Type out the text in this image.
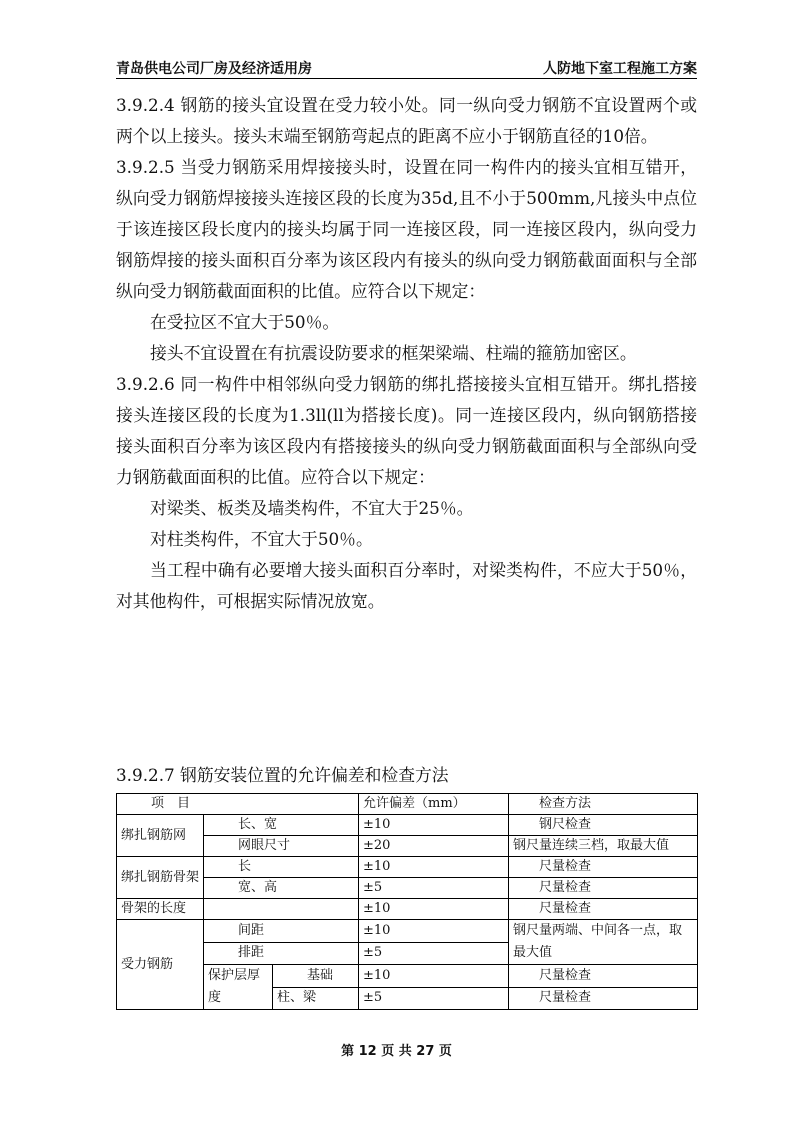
青岛供电公司厂房及经济适用房	人防地下室工程施工方案

3.9.2.4 钢筋的接头宜设置在受力较小处。同一纵向受力钢筋不宜设置两个或两个以上接头。接头末端至钢筋弯起点的距离不应小于钢筋直径的10倍。

3.9.2.5 当受力钢筋采用焊接接头时，设置在同一构件内的接头宜相互错开，纵向受力钢筋焊接接头连接区段的长度为35d,且不小于500mm,凡接头中点位于该连接区段长度内的接头均属于同一连接区段，同一连接区段内，纵向受力钢筋焊接的接头面积百分率为该区段内有接头的纵向受力钢筋截面面积与全部纵向受力钢筋截面面积的比值。应符合以下规定：

在受拉区不宜大于50％。

接头不宜设置在有抗震设防要求的框架梁端、柱端的箍筋加密区。

3.9.2.6 同一构件中相邻纵向受力钢筋的绑扎搭接接头宜相互错开。绑扎搭接接头连接区段的长度为1.3ll(ll为搭接长度)。同一连接区段内，纵向钢筋搭接接头面积百分率为该区段内有搭接接头的纵向受力钢筋截面面积与全部纵向受力钢筋截面面积的比值。应符合以下规定：

对梁类、板类及墙类构件，不宜大于25％。

对柱类构件，不宜大于50％。

当工程中确有必要增大接头面积百分率时，对梁类构件，不应大于50％，对其他构件，可根据实际情况放宽。

3.9.2.7 钢筋安装位置的允许偏差和检查方法
项　目			允许偏差（mm）	检查方法
绑扎钢筋网	长、宽		±10	钢尺检查
	网眼尺寸		±20	钢尺量连续三档，取最大值
绑扎钢筋骨架	长		±10	尺量检查
	宽、高		±5	尺量检查
骨架的长度			±10	尺量检查
受力钢筋	间距		±10	钢尺量两端、中间各一点，取最大值
	排距		±5	
	保护层厚度	基础	±10	尺量检查
		柱、梁	±5	尺量检查
第 12 页 共 27 页
